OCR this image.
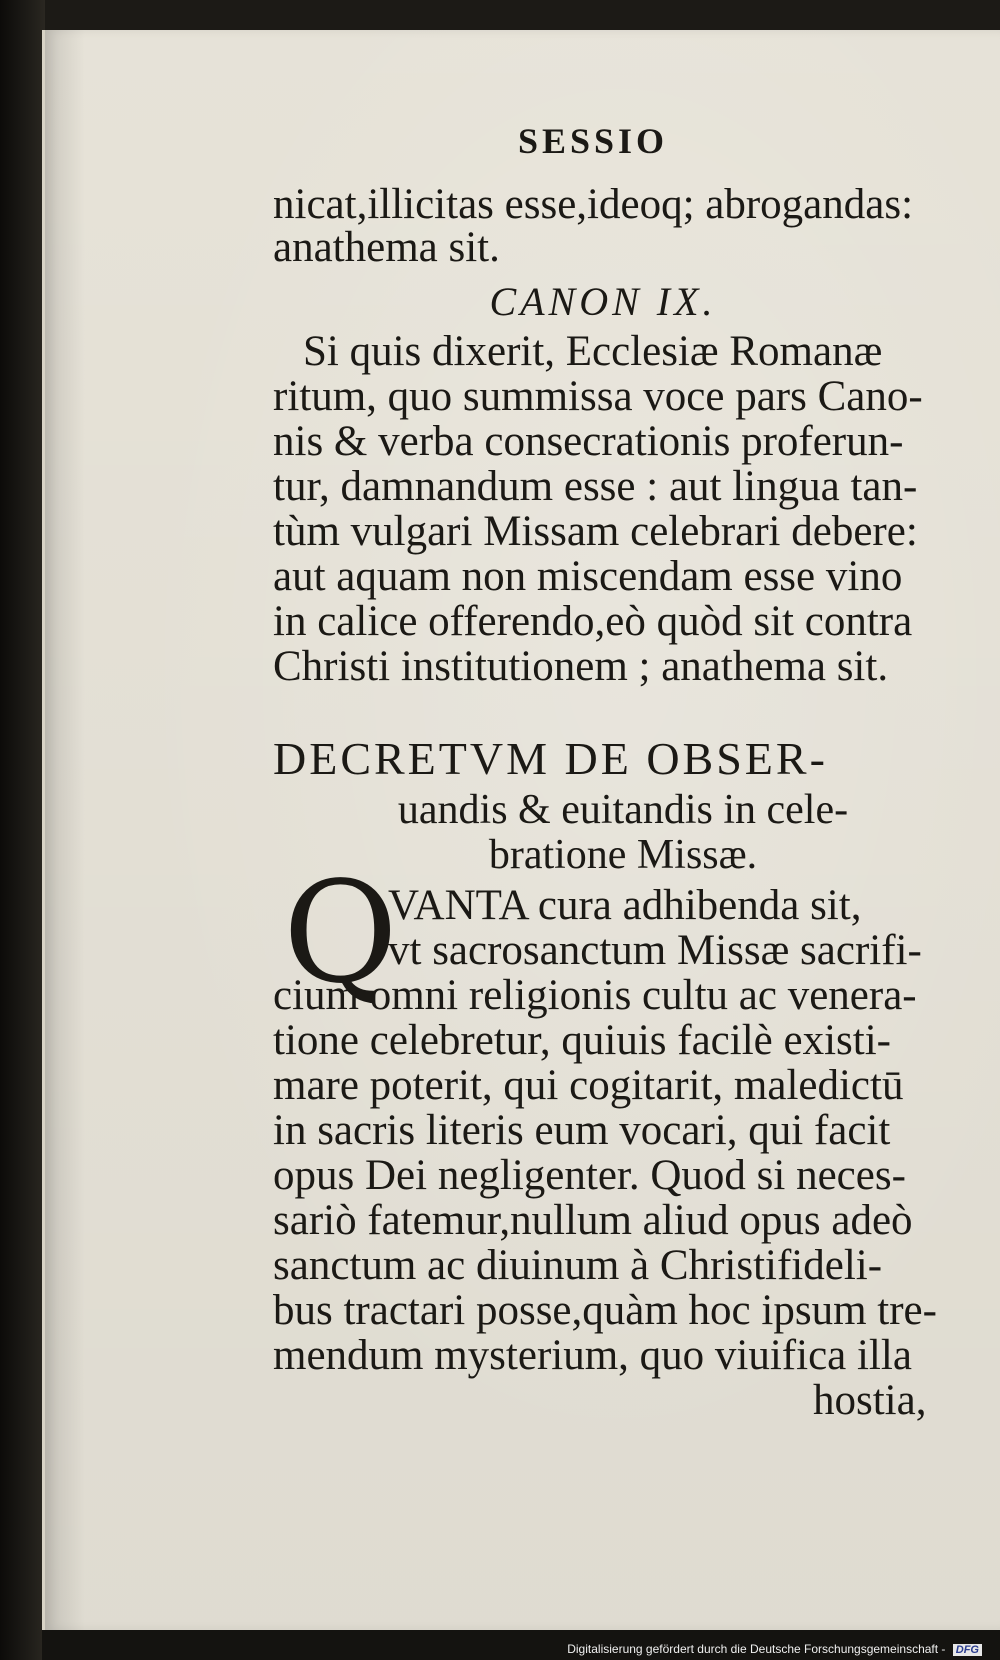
SESSIO
nicat,illicitas esse,ideoq; abrogandas:
anathema sit.
CANON IX.
Si quis dixerit, Ecclesiæ Romanæ
ritum, quo summissa voce pars Cano-
nis & verba consecrationis proferun-
tur, damnandum esse : aut lingua tan-
tùm vulgari Missam celebrari debere:
aut aquam non miscendam esse vino
in calice offerendo,eò quòd sit contra
Christi institutionem ; anathema sit.
DECRETVM DE OBSER-
uandis & euitandis in cele-
bratione Missæ.
Q
VANTA cura adhibenda sit,
vt sacrosanctum Missæ sacrifi-
cium omni religionis cultu ac venera-
tione celebretur, quiuis facilè existi-
mare poterit, qui cogitarit, maledictū
in sacris literis eum vocari, qui facit
opus Dei negligenter. Quod si neces-
sariò fatemur,nullum aliud opus adeò
sanctum ac diuinum à Christifideli-
bus tractari posse,quàm hoc ipsum tre-
mendum mysterium, quo viuifica illa
hostia,
Digitalisierung gefördert durch die Deutsche Forschungsgemeinschaft - DFG
